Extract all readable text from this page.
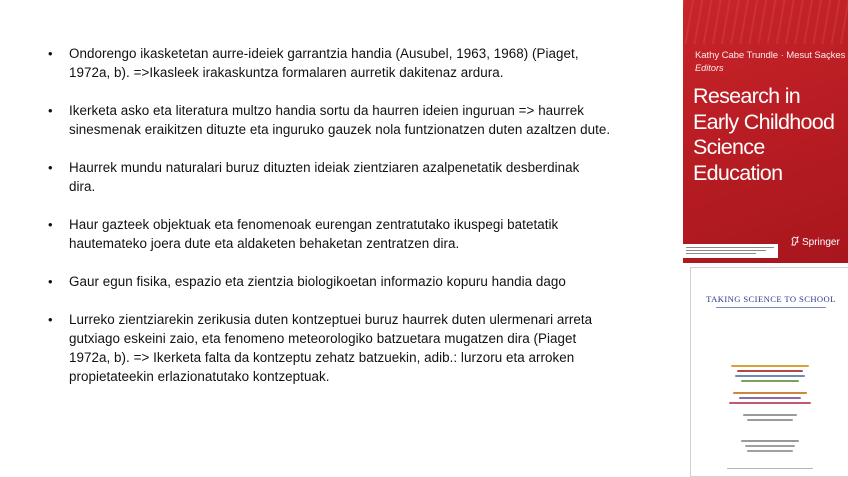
• Ondorengo ikasketetan aurre-ideiek garrantzia handia (Ausubel, 1963, 1968) (Piaget,
1972a, b). =>Ikasleek irakaskuntza formalaren aurretik dakitenaz ardura.
• Ikerketa asko eta literatura multzo handia sortu da haurren ideien inguruan => haurrek
sinesmenak eraikitzen dituzte eta inguruko gauzek nola funtzionatzen duten azaltzen dute.
• Haurrek mundu naturalari buruz dituzten ideiak zientziaren azalpenetatik desberdinak
dira.
• Haur gazteek objektuak eta fenomenoak eurengan zentratutako ikuspegi batetatik
hautemateko joera dute eta aldaketen behaketan zentratzen dira.
• Gaur egun fisika, espazio eta zientzia biologikoetan informazio kopuru handia dago
• Lurreko zientziarekin zerikusia duten kontzeptuei buruz haurrek duten ulermenari arreta
gutxiago eskeini zaio, eta fenomeno meteorologiko batzuetara mugatzen dira (Piaget
1972a, b). => Ikerketa falta da kontzeptu zehatz batzuekin, adib.: lurzoru eta arroken
propietateekin erlazionatutako kontzeptuak.
Kathy Cabe Trundle · Mesut Saçkes
Editors
Research in
Early Childhood
Science
Education
Springer
TAKING SCIENCE TO SCHOOL
